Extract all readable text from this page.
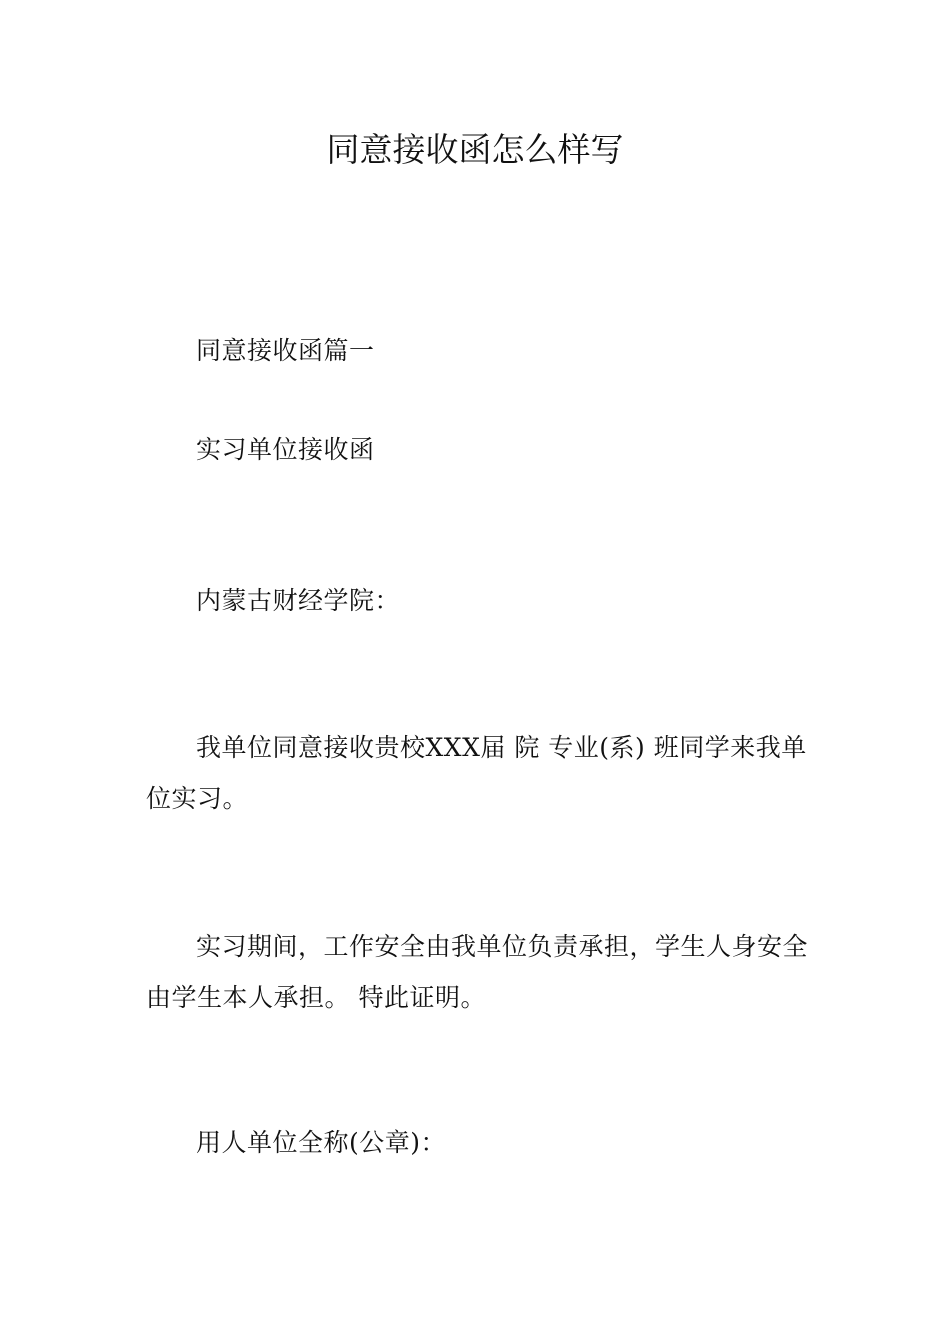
同意接收函怎么样写

同意接收函篇一

实习单位接收函

内蒙古财经学院：

我单位同意接收贵校XXX届 院 专业(系) 班同学来我单位实习。

实习期间，工作安全由我单位负责承担，学生人身安全由学生本人承担。 特此证明。

用人单位全称(公章)：
